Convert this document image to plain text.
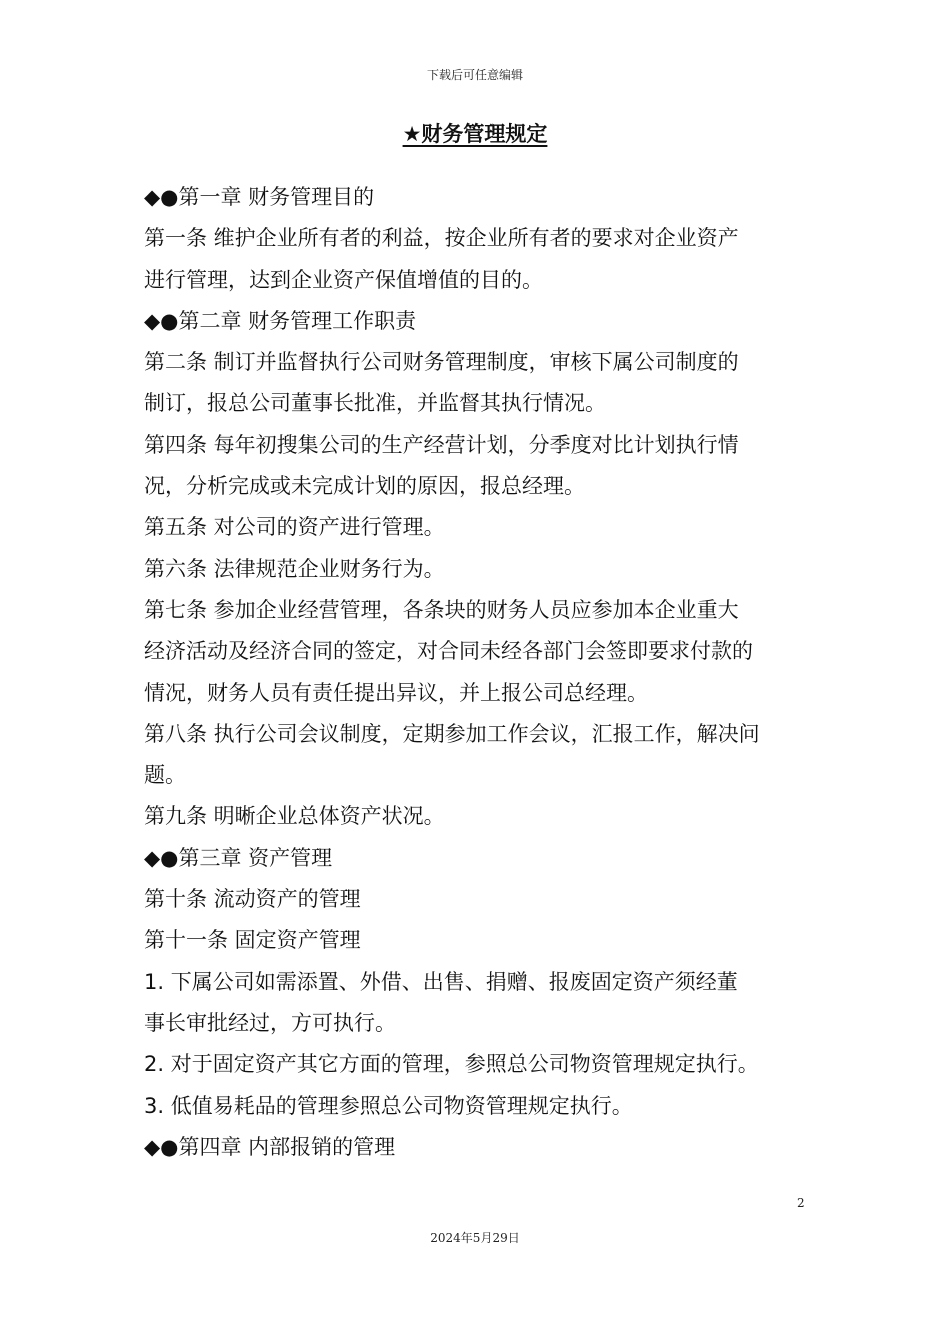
下载后可任意编辑
★财务管理规定
◆●第一章 财务管理目的
第一条 维护企业所有者的利益，按企业所有者的要求对企业资产
进行管理，达到企业资产保值增值的目的。
◆●第二章 财务管理工作职责
第二条 制订并监督执行公司财务管理制度，审核下属公司制度的
制订，报总公司董事长批准，并监督其执行情况。
第四条 每年初搜集公司的生产经营计划，分季度对比计划执行情
况，分析完成或未完成计划的原因，报总经理。
第五条 对公司的资产进行管理。
第六条 法律规范企业财务行为。
第七条 参加企业经营管理，各条块的财务人员应参加本企业重大
经济活动及经济合同的签定，对合同未经各部门会签即要求付款的
情况，财务人员有责任提出异议，并上报公司总经理。
第八条 执行公司会议制度，定期参加工作会议，汇报工作，解决问
题。
第九条 明晰企业总体资产状况。
◆●第三章 资产管理
第十条 流动资产的管理
第十一条 固定资产管理
1. 下属公司如需添置、外借、出售、捐赠、报废固定资产须经董
事长审批经过，方可执行。
2. 对于固定资产其它方面的管理，参照总公司物资管理规定执行。
3. 低值易耗品的管理参照总公司物资管理规定执行。
◆●第四章 内部报销的管理
2
2024年5月29日
